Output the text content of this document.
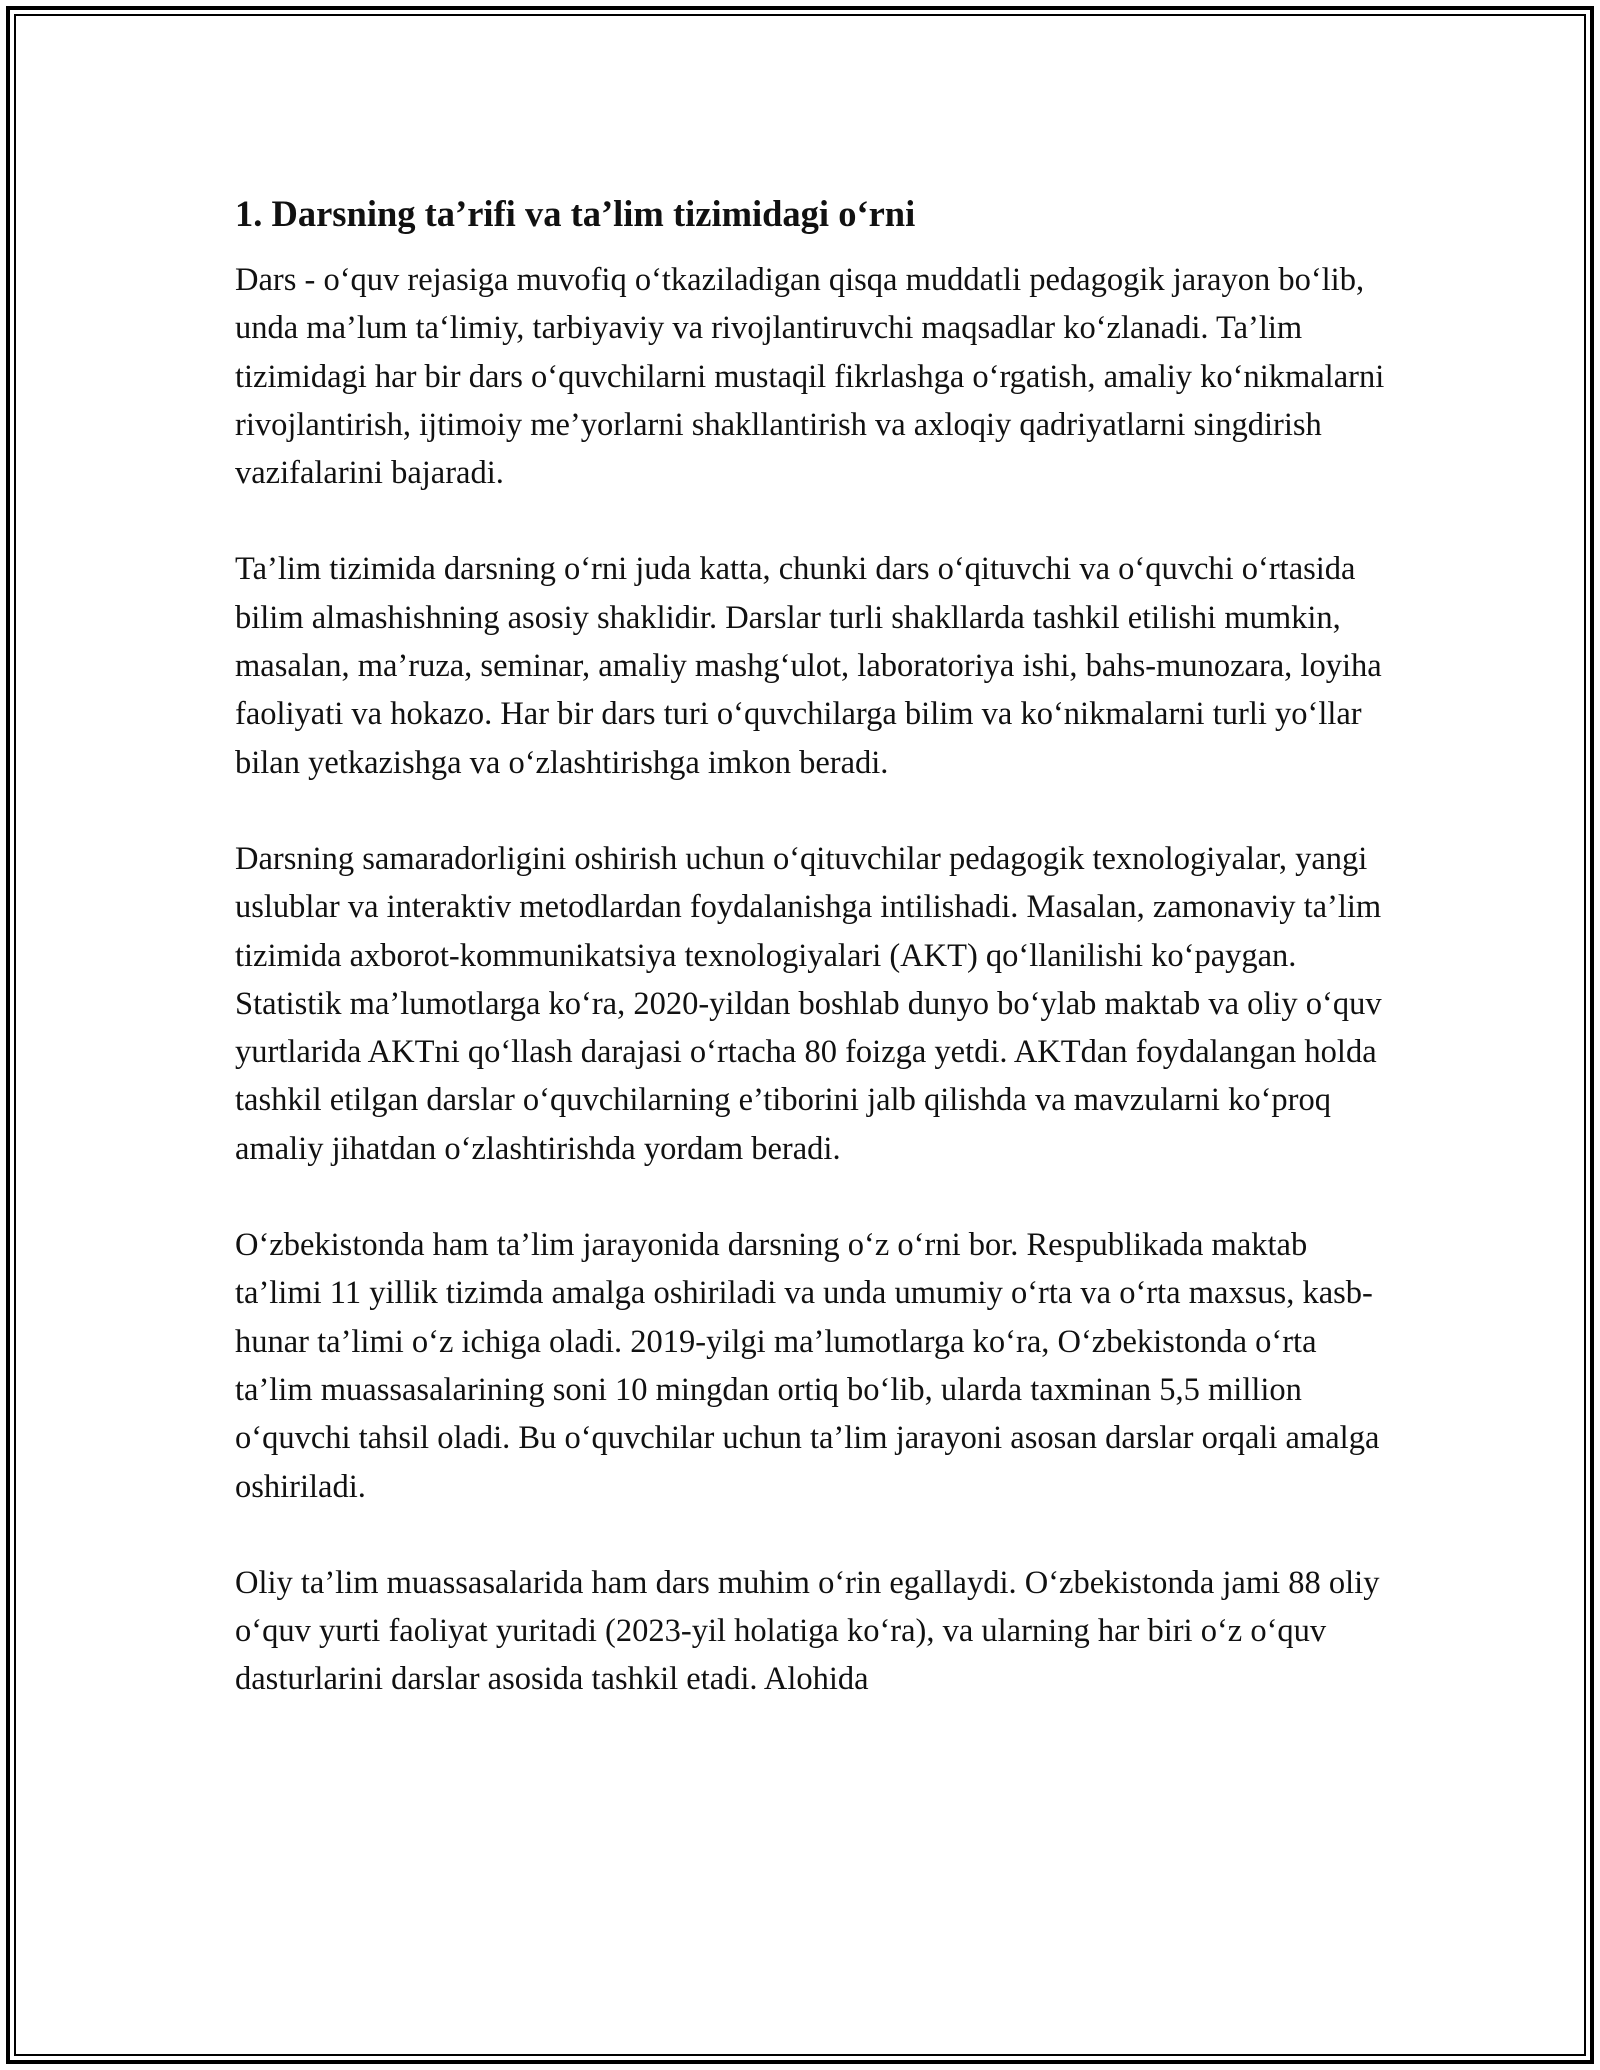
1. Darsning ta’rifi va ta’lim tizimidagi o‘rni

Dars - o‘quv rejasiga muvofiq o‘tkaziladigan qisqa muddatli pedagogik jarayon bo‘lib, unda ma’lum ta‘limiy, tarbiyaviy va rivojlantiruvchi maqsadlar ko‘zlanadi. Ta’lim tizimidagi har bir dars o‘quvchilarni mustaqil fikrlashga o‘rgatish, amaliy ko‘nikmalarni rivojlantirish, ijtimoiy me’yorlarni shakllantirish va axloqiy qadriyatlarni singdirish vazifalarini bajaradi.

Ta’lim tizimida darsning o‘rni juda katta, chunki dars o‘qituvchi va o‘quvchi o‘rtasida bilim almashishning asosiy shaklidir. Darslar turli shakllarda tashkil etilishi mumkin, masalan, ma’ruza, seminar, amaliy mashg‘ulot, laboratoriya ishi, bahs-munozara, loyiha faoliyati va hokazo. Har bir dars turi o‘quvchilarga bilim va ko‘nikmalarni turli yo‘llar bilan yetkazishga va o‘zlashtirishga imkon beradi.

Darsning samaradorligini oshirish uchun o‘qituvchilar pedagogik texnologiyalar, yangi uslublar va interaktiv metodlardan foydalanishga intilishadi. Masalan, zamonaviy ta’lim tizimida axborot-kommunikatsiya texnologiyalari (AKT) qo‘llanilishi ko‘paygan. Statistik ma’lumotlarga ko‘ra, 2020-yildan boshlab dunyo bo‘ylab maktab va oliy o‘quv yurtlarida AKTni qo‘llash darajasi o‘rtacha 80 foizga yetdi. AKTdan foydalangan holda tashkil etilgan darslar o‘quvchilarning e’tiborini jalb qilishda va mavzularni ko‘proq amaliy jihatdan o‘zlashtirishda yordam beradi.

O‘zbekistonda ham ta’lim jarayonida darsning o‘z o‘rni bor. Respublikada maktab ta’limi 11 yillik tizimda amalga oshiriladi va unda umumiy o‘rta va o‘rta maxsus, kasb-hunar ta’limi o‘z ichiga oladi. 2019-yilgi ma’lumotlarga ko‘ra, O‘zbekistonda o‘rta ta’lim muassasalarining soni 10 mingdan ortiq bo‘lib, ularda taxminan 5,5 million o‘quvchi tahsil oladi. Bu o‘quvchilar uchun ta’lim jarayoni asosan darslar orqali amalga oshiriladi.

Oliy ta’lim muassasalarida ham dars muhim o‘rin egallaydi. O‘zbekistonda jami 88 oliy o‘quv yurti faoliyat yuritadi (2023-yil holatiga ko‘ra), va ularning har biri o‘z o‘quv dasturlarini darslar asosida tashkil etadi. Alohida
